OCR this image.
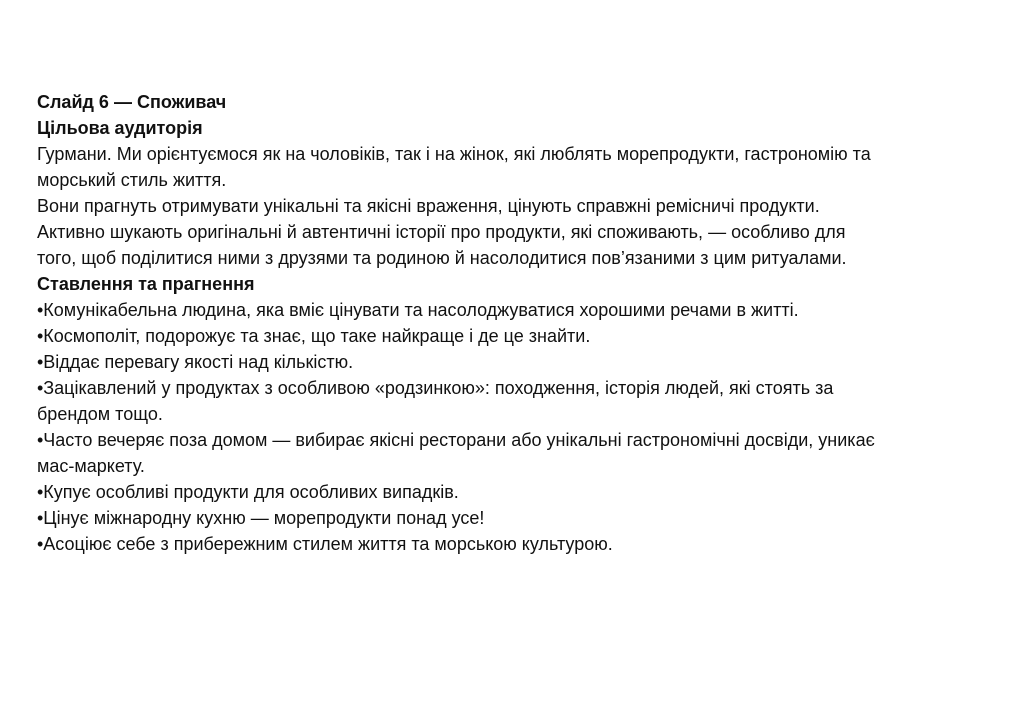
Слайд 6 — Споживач
Цільова аудиторія
Гурмани. Ми орієнтуємося як на чоловіків, так і на жінок, які люблять морепродукти, гастрономію та
морський стиль життя.
Вони прагнуть отримувати унікальні та якісні враження, цінують справжні ремісничі продукти.
Активно шукають оригінальні й автентичні історії про продукти, які споживають, — особливо для
того, щоб поділитися ними з друзями та родиною й насолодитися пов’язаними з цим ритуалами.
Ставлення та прагнення
•Комунікабельна людина, яка вміє цінувати та насолоджуватися хорошими речами в житті.
•Космополіт, подорожує та знає, що таке найкраще і де це знайти.
•Віддає перевагу якості над кількістю.
•Зацікавлений у продуктах з особливою «родзинкою»: походження, історія людей, які стоять за
брендом тощо.
•Часто вечеряє поза домом — вибирає якісні ресторани або унікальні гастрономічні досвіди, уникає
мас-маркету.
•Купує особливі продукти для особливих випадків.
•Цінує міжнародну кухню — морепродукти понад усе!
•Асоціює себе з прибережним стилем життя та морською культурою.
